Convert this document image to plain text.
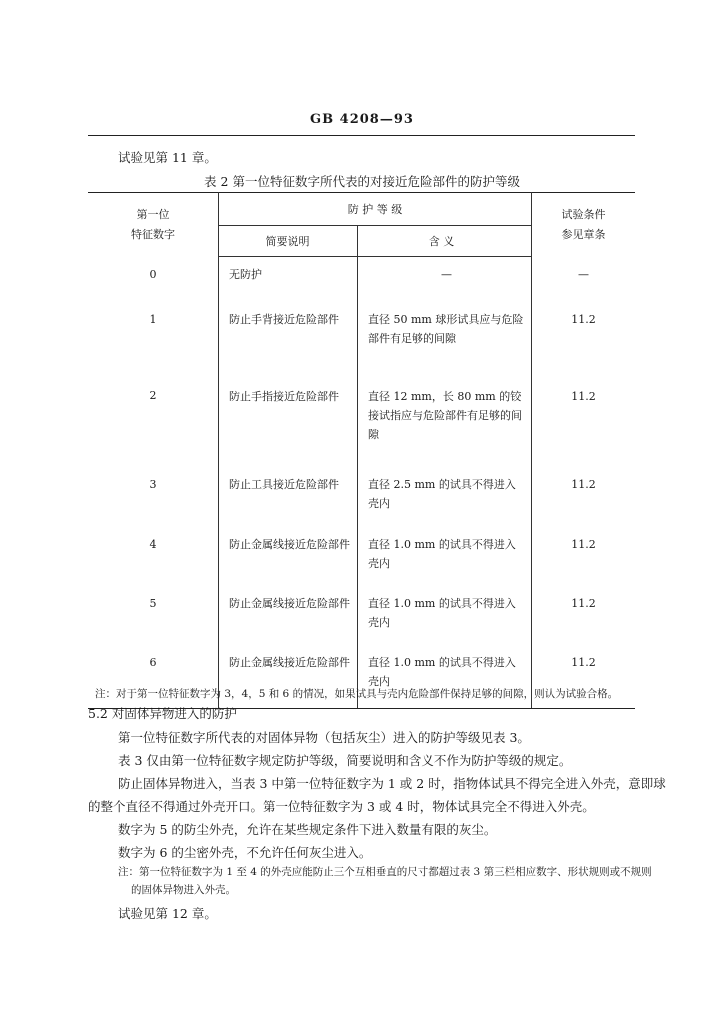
GB 4208—93
试验见第 11 章。
表 2 第一位特征数字所代表的对接近危险部件的防护等级
第一位
特征数字	防 护 等 级		试验条件
参见章条
	简要说明	含 义	
0	无防护	—	—
1	防止手背接近危险部件	直径 50 mm 球形试具应与危险部件有足够的间隙	11.2
2	防止手指接近危险部件	直径 12 mm，长 80 mm 的铰接试指应与危险部件有足够的间隙	11.2
3	防止工具接近危险部件	直径 2.5 mm 的试具不得进入壳内	11.2
4	防止金属线接近危险部件	直径 1.0 mm 的试具不得进入壳内	11.2
5	防止金属线接近危险部件	直径 1.0 mm 的试具不得进入壳内	11.2
6	防止金属线接近危险部件	直径 1.0 mm 的试具不得进入壳内	11.2
注：对于第一位特征数字为 3，4，5 和 6 的情况，如果试具与壳内危险部件保持足够的间隙，则认为试验合格。
5.2 对固体异物进入的防护
第一位特征数字所代表的对固体异物（包括灰尘）进入的防护等级见表 3。
表 3 仅由第一位特征数字规定防护等级，简要说明和含义不作为防护等级的规定。
防止固体异物进入，当表 3 中第一位特征数字为 1 或 2 时，指物体试具不得完全进入外壳，意即球
的整个直径不得通过外壳开口。第一位特征数字为 3 或 4 时，物体试具完全不得进入外壳。
数字为 5 的防尘外壳，允许在某些规定条件下进入数量有限的灰尘。
数字为 6 的尘密外壳，不允许任何灰尘进入。
注：第一位特征数字为 1 至 4 的外壳应能防止三个互相垂直的尺寸都超过表 3 第三栏相应数字、形状规则或不规则
的固体异物进入外壳。
试验见第 12 章。
